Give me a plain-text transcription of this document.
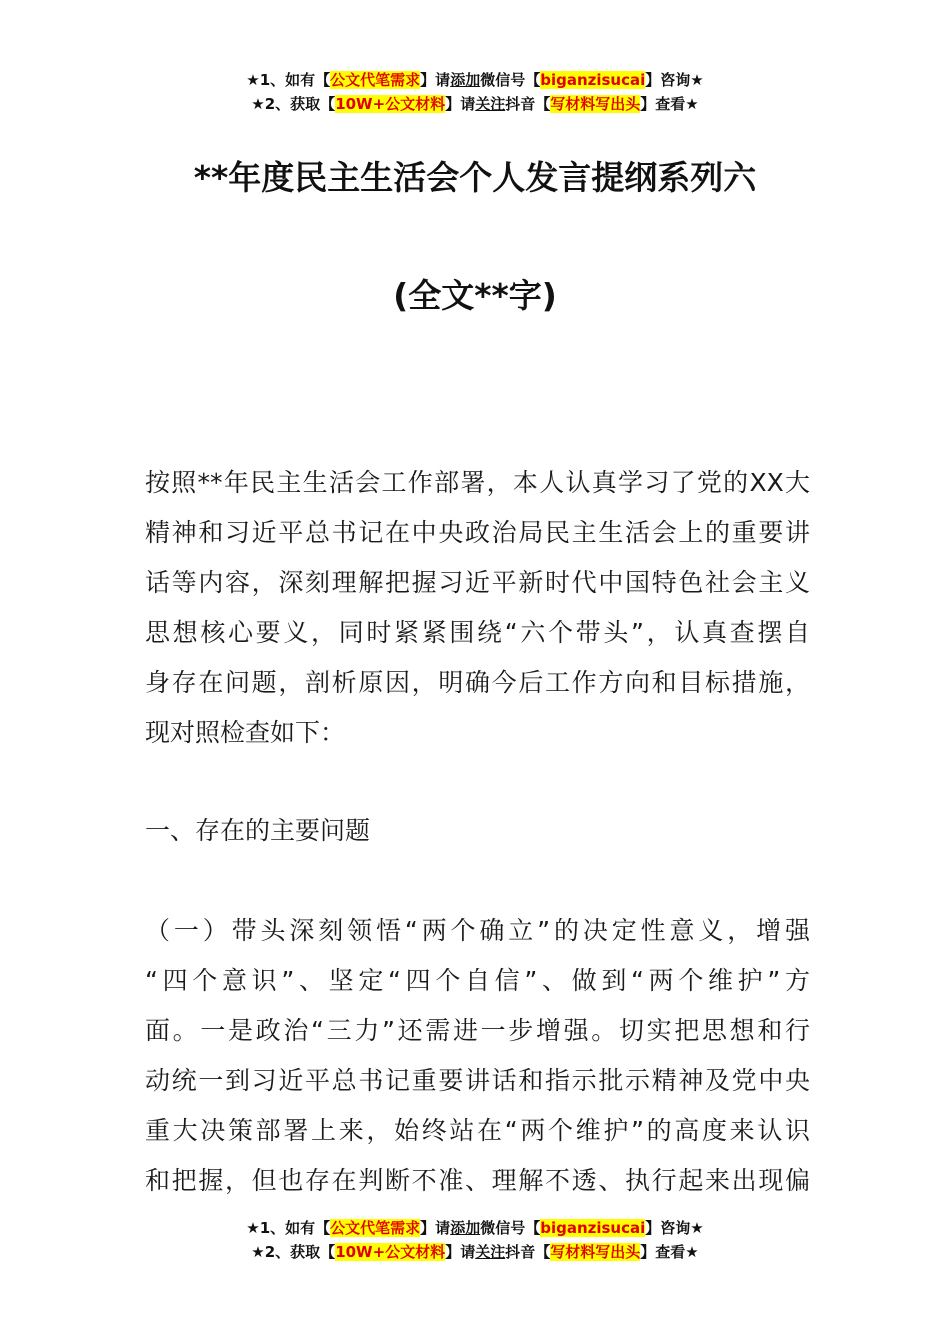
★1、如有【公文代笔需求】请添加微信号【biganzisucai】咨询★
★2、获取【10W+公文材料】请关注抖音【写材料写出头】查看★
**年度民主生活会个人发言提纲系列六
(全文**字)
按照**年民主生活会工作部署，本人认真学习了党的XX大
精神和习近平总书记在中央政治局民主生活会上的重要讲
话等内容，深刻理解把握习近平新时代中国特色社会主义
思想核心要义，同时紧紧围绕“六个带头”，认真查摆自
身存在问题，剖析原因，明确今后工作方向和目标措施，
现对照检查如下：
一、存在的主要问题
（一）带头深刻领悟“两个确立”的决定性意义，增强
“四个意识”、坚定“四个自信”、做到“两个维护”方
面。一是政治“三力”还需进一步增强。切实把思想和行
动统一到习近平总书记重要讲话和指示批示精神及党中央
重大决策部署上来，始终站在“两个维护”的高度来认识
和把握，但也存在判断不准、理解不透、执行起来出现偏
★1、如有【公文代笔需求】请添加微信号【biganzisucai】咨询★
★2、获取【10W+公文材料】请关注抖音【写材料写出头】查看★
